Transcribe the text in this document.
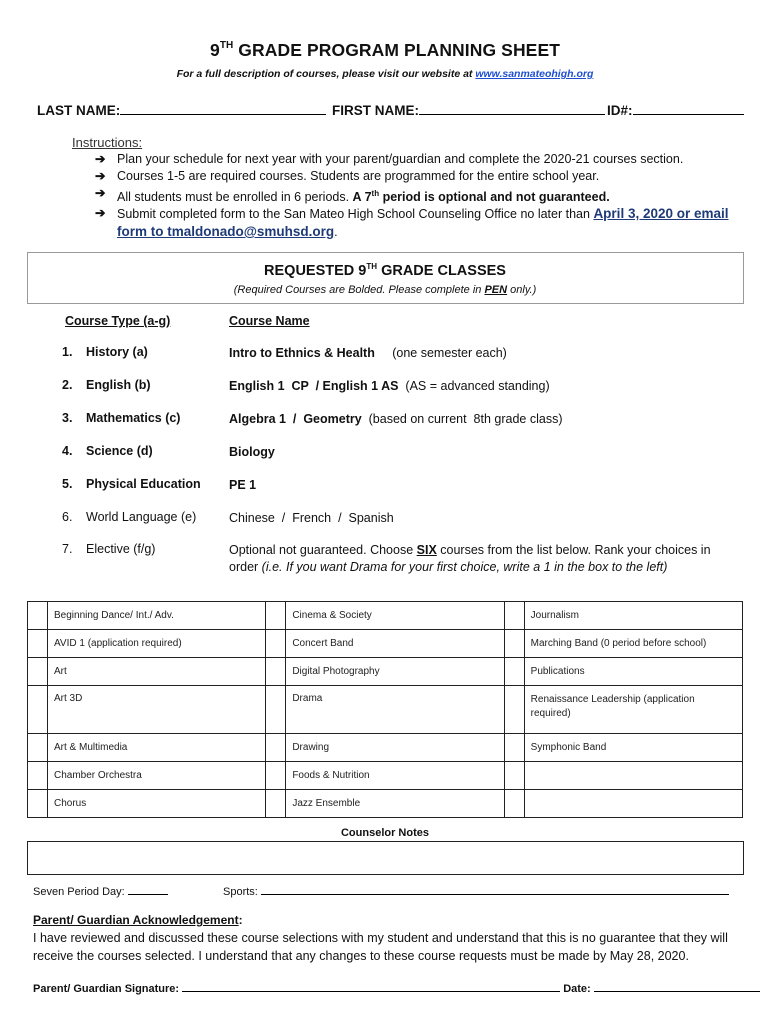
9TH GRADE PROGRAM PLANNING SHEET
For a full description of courses, please visit our website at www.sanmateohigh.org
LAST NAME:	FIRST NAME:	ID#:
Instructions:
➔ Plan your schedule for next year with your parent/guardian and complete the 2020-21 courses section.
➔ Courses 1-5 are required courses. Students are programmed for the entire school year.
➔ All students must be enrolled in 6 periods. A 7th period is optional and not guaranteed.
➔ Submit completed form to the San Mateo High School Counseling Office no later than April 3, 2020 or email form to tmaldonado@smuhsd.org.
REQUESTED 9TH GRADE CLASSES
(Required Courses are Bolded. Please complete in PEN only.)
Course Type (a-g)	Course Name
1. History (a)	Intro to Ethnics & Health     (one semester each)
2. English (b)	English 1  CP  / English 1 AS  (AS = advanced standing)
3. Mathematics (c)	Algebra 1  /  Geometry  (based on current  8th grade class)
4. Science (d)	Biology
5. Physical Education PE 1
6. World Language (e)	Chinese  /  French  /  Spanish
7. Elective (f/g)	Optional not guaranteed. Choose SIX courses from the list below. Rank your choices in order (i.e. If you want Drama for your first choice, write a 1 in the box to the left)
	Beginning Dance/ Int./ Adv.		Cinema & Society		Journalism
	AVID 1 (application required)		Concert Band		Marching Band (0 period before school)
	Art		Digital Photography		Publications
	Art 3D		Drama		Renaissance Leadership (application required)
	Art & Multimedia		Drawing		Symphonic Band
	Chamber Orchestra		Foods & Nutrition		
	Chorus		Jazz Ensemble		
Counselor Notes
Seven Period Day:	Sports:
Parent/ Guardian Acknowledgement:
I have reviewed and discussed these course selections with my student and understand that this is no guarantee that they will receive the courses selected. I understand that any changes to these course requests must be made by May 28, 2020.
Parent/ Guardian Signature:	Date:
